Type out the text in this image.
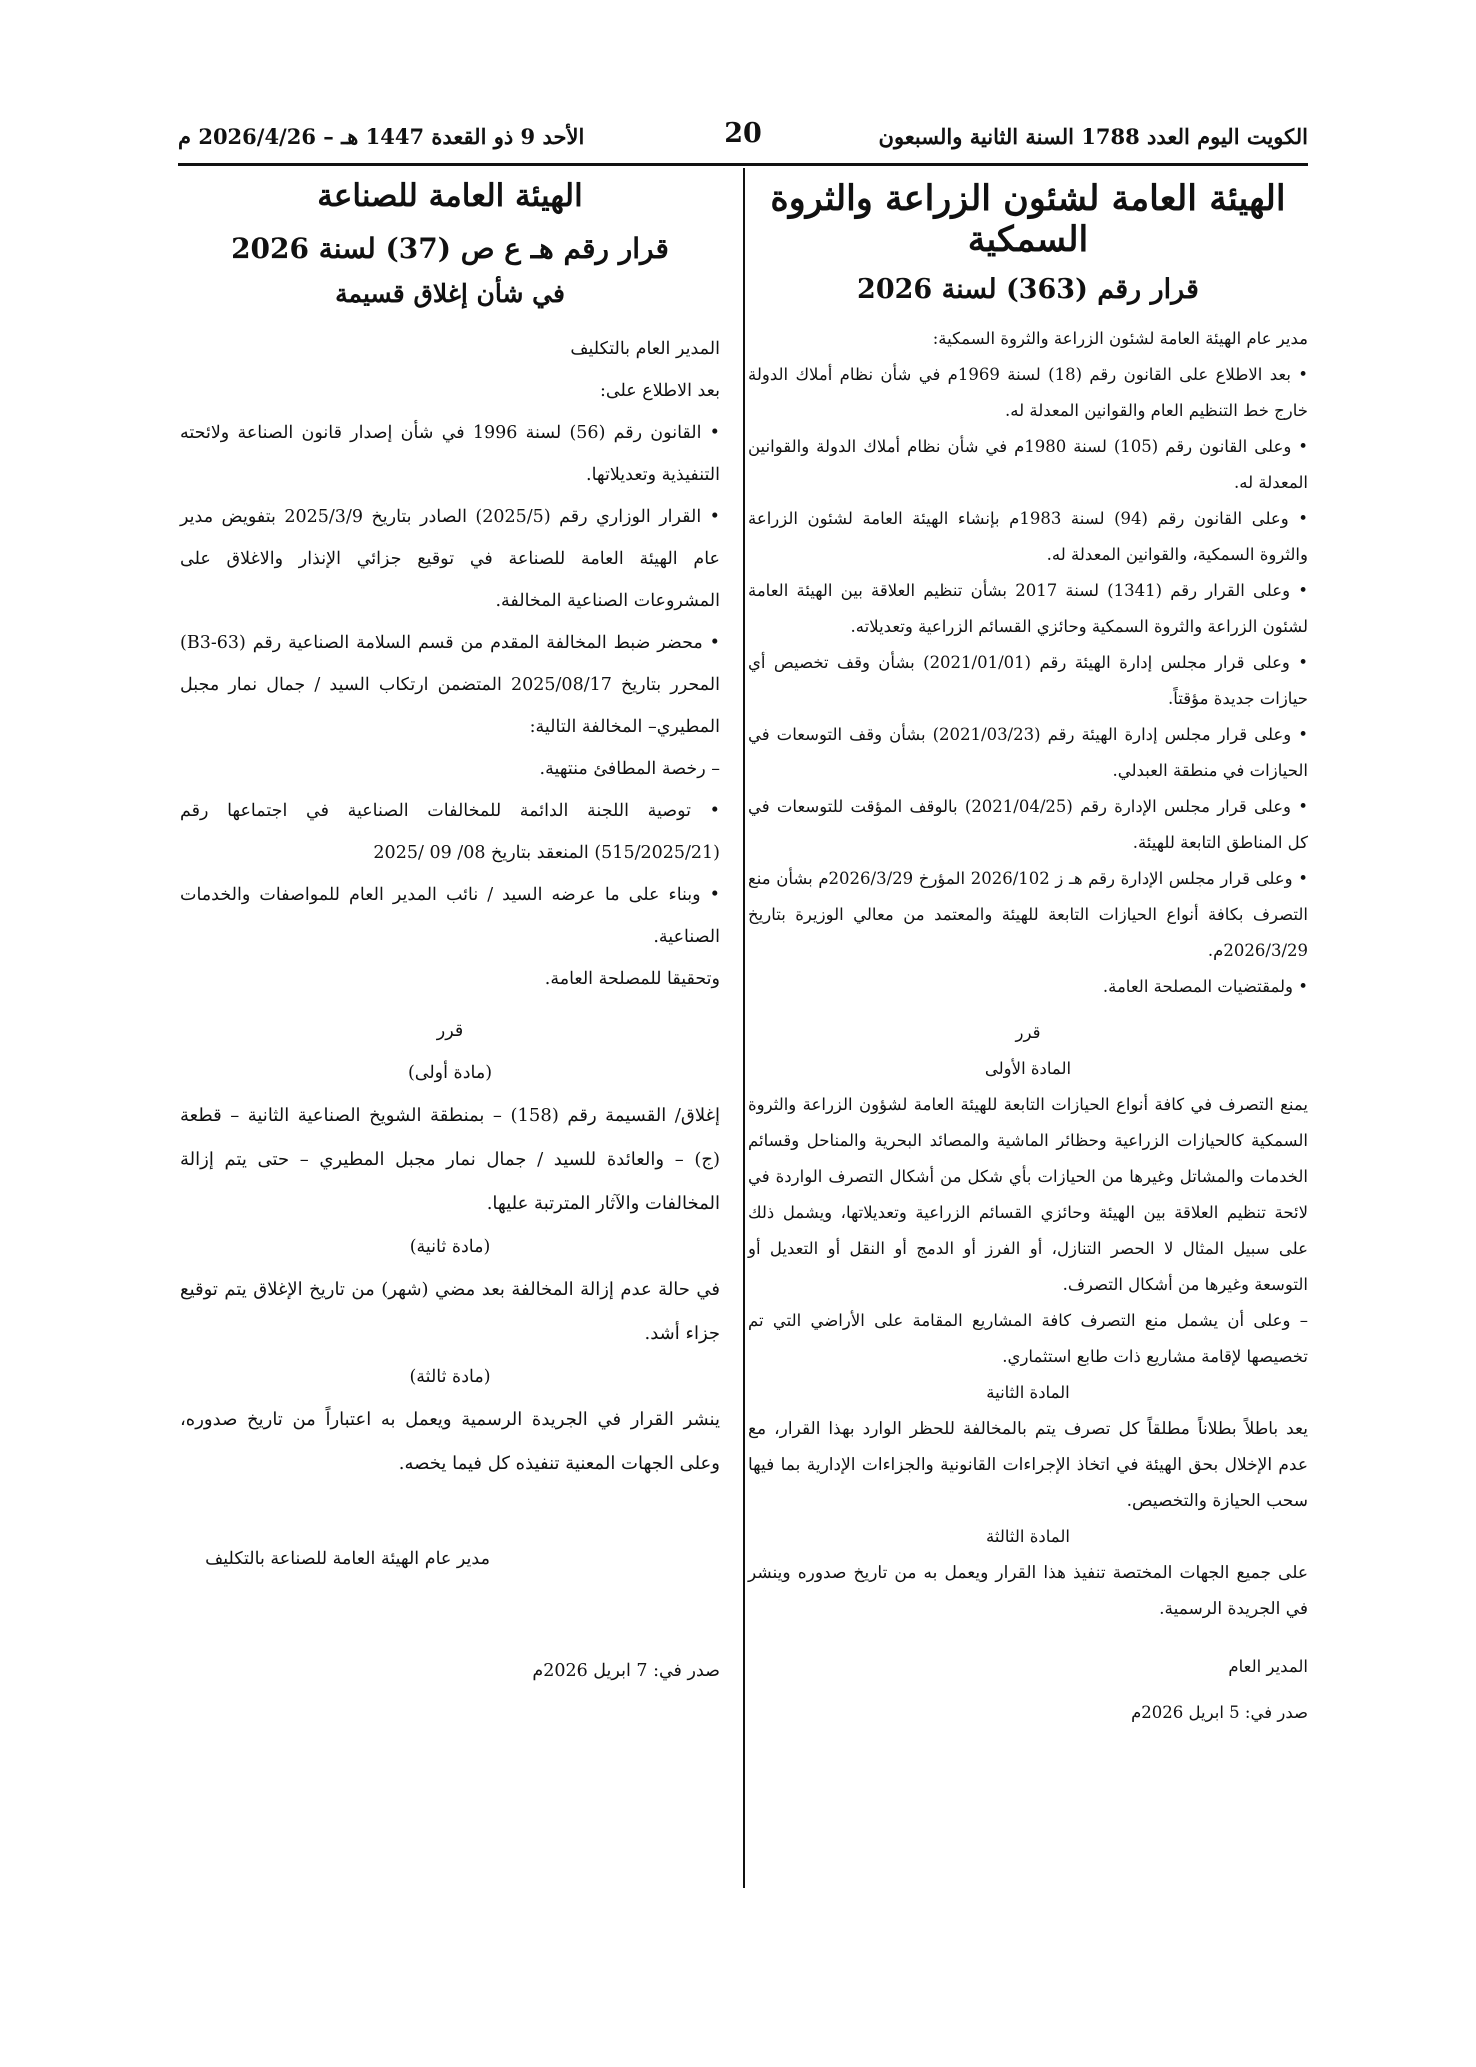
الكويت اليوم العدد 1788 السنة الثانية والسبعون
20
الأحد 9 ذو القعدة 1447 هـ – 2026/4/26 م
الهيئة العامة لشئون الزراعة والثروة السمكية
قرار رقم (363) لسنة 2026

مدير عام الهيئة العامة لشئون الزراعة والثروة السمكية:

• بعد الاطلاع على القانون رقم (18) لسنة 1969م في شأن نظام أملاك الدولة خارج خط التنظيم العام والقوانين المعدلة له.

• وعلى القانون رقم (105) لسنة 1980م في شأن نظام أملاك الدولة والقوانين المعدلة له.

• وعلى القانون رقم (94) لسنة 1983م بإنشاء الهيئة العامة لشئون الزراعة والثروة السمكية، والقوانين المعدلة له.

• وعلى القرار رقم (1341) لسنة 2017 بشأن تنظيم العلاقة بين الهيئة العامة لشئون الزراعة والثروة السمكية وحائزي القسائم الزراعية وتعديلاته.

• وعلى قرار مجلس إدارة الهيئة رقم (2021/01/01) بشأن وقف تخصيص أي حيازات جديدة مؤقتاً.

• وعلى قرار مجلس إدارة الهيئة رقم (2021/03/23) بشأن وقف التوسعات في الحيازات في منطقة العبدلي.

• وعلى قرار مجلس الإدارة رقم (2021/04/25) بالوقف المؤقت للتوسعات في كل المناطق التابعة للهيئة.

• وعلى قرار مجلس الإدارة رقم هـ ز 2026/102 المؤرخ 2026/3/29م بشأن منع التصرف بكافة أنواع الحيازات التابعة للهيئة والمعتمد من معالي الوزيرة بتاريخ 2026/3/29م.

• ولمقتضيات المصلحة العامة.

قرر

المادة الأولى

يمنع التصرف في كافة أنواع الحيازات التابعة للهيئة العامة لشؤون الزراعة والثروة السمكية كالحيازات الزراعية وحظائر الماشية والمصائد البحرية والمناحل وقسائم الخدمات والمشاتل وغيرها من الحيازات بأي شكل من أشكال التصرف الواردة في لائحة تنظيم العلاقة بين الهيئة وحائزي القسائم الزراعية وتعديلاتها، ويشمل ذلك على سبيل المثال لا الحصر التنازل، أو الفرز أو الدمج أو النقل أو التعديل أو التوسعة وغيرها من أشكال التصرف.

– وعلى أن يشمل منع التصرف كافة المشاريع المقامة على الأراضي التي تم تخصيصها لإقامة مشاريع ذات طابع استثماري.

المادة الثانية

يعد باطلاً بطلاناً مطلقاً كل تصرف يتم بالمخالفة للحظر الوارد بهذا القرار، مع عدم الإخلال بحق الهيئة في اتخاذ الإجراءات القانونية والجزاءات الإدارية بما فيها سحب الحيازة والتخصيص.

المادة الثالثة

على جميع الجهات المختصة تنفيذ هذا القرار ويعمل به من تاريخ صدوره وينشر في الجريدة الرسمية.

المدير العام

صدر في: 5 ابريل 2026م

الهيئة العامة للصناعة
قرار رقم هـ ع ص (37) لسنة 2026
في شأن إغلاق قسيمة

المدير العام بالتكليف

بعد الاطلاع على:

• القانون رقم (56) لسنة 1996 في شأن إصدار قانون الصناعة ولائحته التنفيذية وتعديلاتها.

• القرار الوزاري رقم (2025/5) الصادر بتاريخ 2025/3/9 بتفويض مدير عام الهيئة العامة للصناعة في توقيع جزائي الإنذار والاغلاق على المشروعات الصناعية المخالفة.

• محضر ضبط المخالفة المقدم من قسم السلامة الصناعية رقم (B3-63) المحرر بتاريخ 2025/08/17 المتضمن ارتكاب السيد / جمال نمار مجبل المطيري– المخالفة التالية:

– رخصة المطافئ منتهية.

• توصية اللجنة الدائمة للمخالفات الصناعية في اجتماعها رقم (515/2025/21) المنعقد بتاريخ 08/ 09 /2025

• وبناء على ما عرضه السيد / نائب المدير العام للمواصفات والخدمات الصناعية.

وتحقيقا للمصلحة العامة.

قرر

(مادة أولى)

إغلاق/ القسيمة رقم (158) – بمنطقة الشويخ الصناعية الثانية – قطعة (ج) – والعائدة للسيد / جمال نمار مجبل المطيري – حتى يتم إزالة المخالفات والآثار المترتبة عليها.

(مادة ثانية)

في حالة عدم إزالة المخالفة بعد مضي (شهر) من تاريخ الإغلاق يتم توقيع جزاء أشد.

(مادة ثالثة)

ينشر القرار في الجريدة الرسمية ويعمل به اعتباراً من تاريخ صدوره، وعلى الجهات المعنية تنفيذه كل فيما يخصه.

مدير عام الهيئة العامة للصناعة بالتكليف

صدر في: 7 ابريل 2026م
